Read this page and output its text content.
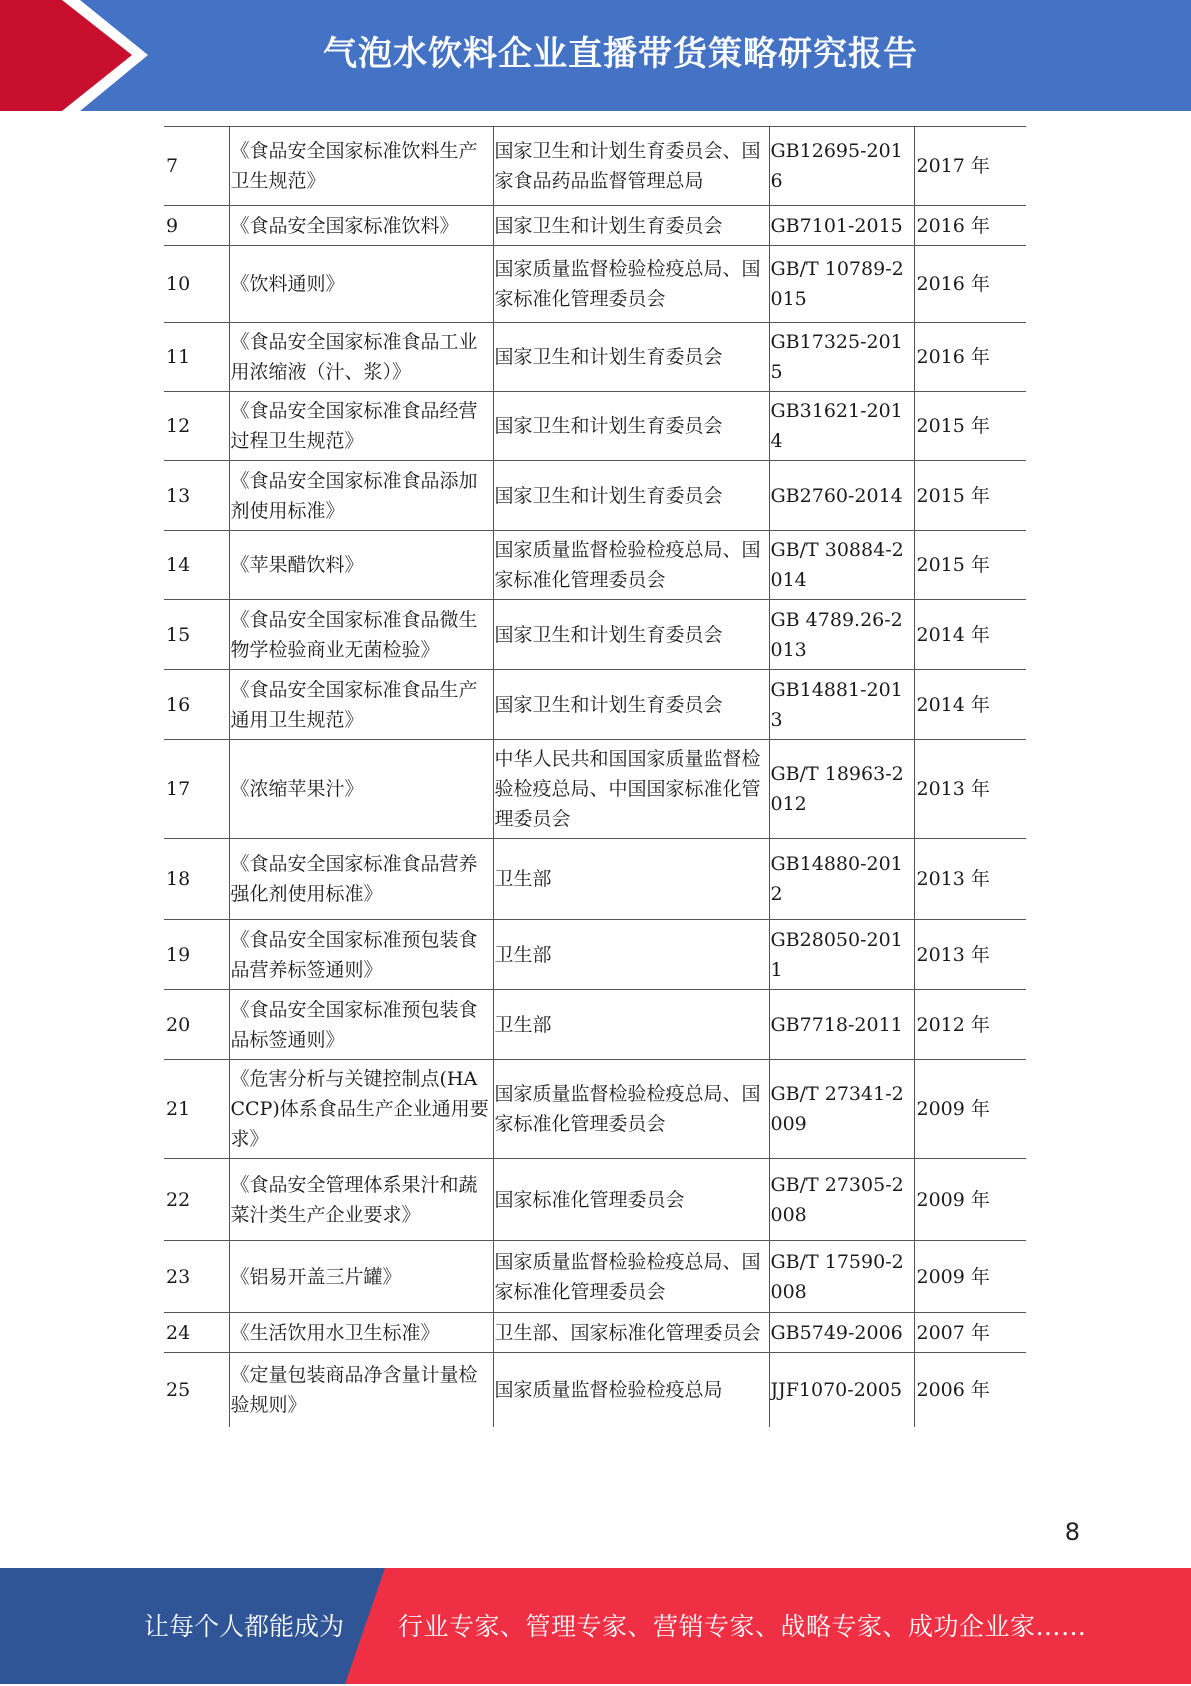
气泡水饮料企业直播带货策略研究报告
7	《食品安全国家标准饮料生产卫生规范》	国家卫生和计划生育委员会、国家食品药品监督管理总局	GB12695-2016	2017 年

9	《食品安全国家标准饮料》	国家卫生和计划生育委员会	GB7101-2015	2016 年

10	《饮料通则》	国家质量监督检验检疫总局、国家标准化管理委员会	GB/T 10789-2015	2016 年
11	《食品安全国家标准食品工业用浓缩液（汁、浆）》	国家卫生和计划生育委员会	GB17325-2015	2016 年
12	《食品安全国家标准食品经营过程卫生规范》	国家卫生和计划生育委员会	GB31621-2014	2015 年
13	《食品安全国家标准食品添加剂使用标准》	国家卫生和计划生育委员会	GB2760-2014	2015 年
14	《苹果醋饮料》	国家质量监督检验检疫总局、国家标准化管理委员会	GB/T 30884-2014	2015 年
15	《食品安全国家标准食品微生物学检验商业无菌检验》	国家卫生和计划生育委员会	GB 4789.26-2013	2014 年
16	《食品安全国家标准食品生产通用卫生规范》	国家卫生和计划生育委员会	GB14881-2013	2014 年
17	《浓缩苹果汁》	中华人民共和国国家质量监督检验检疫总局、中国国家标准化管理委员会	GB/T 18963-2012	2013 年
18	《食品安全国家标准食品营养强化剂使用标准》	卫生部	GB14880-2012	2013 年
19	《食品安全国家标准预包装食品营养标签通则》	卫生部	GB28050-2011	2013 年
20	《食品安全国家标准预包装食品标签通则》	卫生部	GB7718-2011	2012 年
21	《危害分析与关键控制点(HACCP)体系食品生产企业通用要求》	国家质量监督检验检疫总局、国家标准化管理委员会	GB/T 27341-2009	2009 年
22	《食品安全管理体系果汁和蔬菜汁类生产企业要求》	国家标准化管理委员会	GB/T 27305-2008	2009 年
23	《铝易开盖三片罐》	国家质量监督检验检疫总局、国家标准化管理委员会	GB/T 17590-2008	2009 年

24	《生活饮用水卫生标准》	卫生部、国家标准化管理委员会	GB5749-2006	2007 年

25	《定量包装商品净含量计量检验规则》	国家质量监督检验检疫总局	JJF1070-2005	2006 年
8
让每个人都能成为 行业专家、管理专家、营销专家、战略专家、成功企业家……
